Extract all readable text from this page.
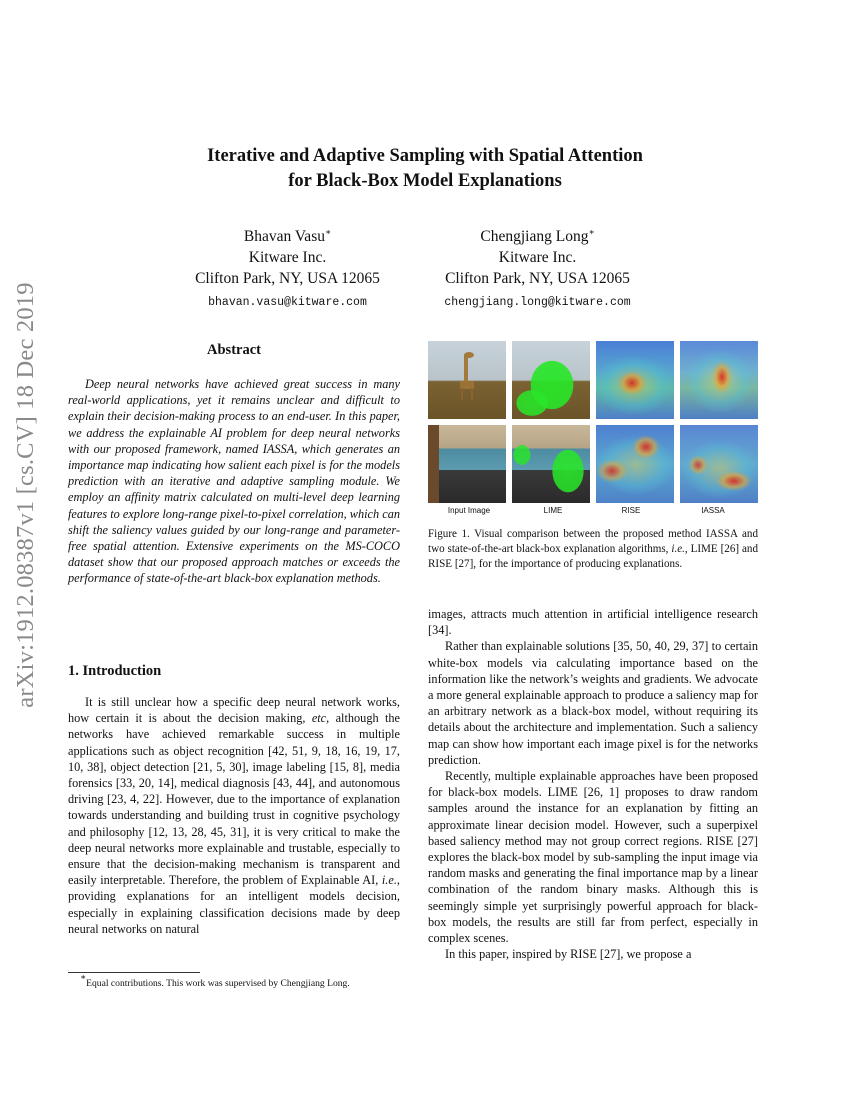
arXiv:1912.08387v1 [cs.CV] 18 Dec 2019
Iterative and Adaptive Sampling with Spatial Attention
for Black-Box Model Explanations
Bhavan Vasu∗
Kitware Inc.
Clifton Park, NY, USA 12065
bhavan.vasu@kitware.com
Chengjiang Long∗
Kitware Inc.
Clifton Park, NY, USA 12065
chengjiang.long@kitware.com
Abstract
Deep neural networks have achieved great success in many real-world applications, yet it remains unclear and difficult to explain their decision-making process to an end-user. In this paper, we address the explainable AI problem for deep neural networks with our proposed framework, named IASSA, which generates an importance map indicating how salient each pixel is for the models prediction with an iterative and adaptive sampling module. We employ an affinity matrix calculated on multi-level deep learning features to explore long-range pixel-to-pixel correlation, which can shift the saliency values guided by our long-range and parameter-free spatial attention. Extensive experiments on the MS-COCO dataset show that our proposed approach matches or exceeds the performance of state-of-the-art black-box explanation methods.
1. Introduction

It is still unclear how a specific deep neural network works, how certain it is about the decision making, etc, although the networks have achieved remarkable success in multiple applications such as object recognition [42, 51, 9, 18, 16, 19, 17, 10, 38], object detection [21, 5, 30], image labeling [15, 8], media forensics [33, 20, 14], medical diagnosis [43, 44], and autonomous driving [23, 4, 22]. However, due to the importance of explanation towards understanding and building trust in cognitive psychology and philosophy [12, 13, 28, 45, 31], it is very critical to make the deep neural networks more explainable and trustable, especially to ensure that the decision-making mechanism is transparent and easily interpretable. Therefore, the problem of Explainable AI, i.e., providing explanations for an intelligent models decision, especially in explaining classification decisions made by deep neural networks on natural

∗Equal contributions. This work was supervised by Chengjiang Long.
Input Image	LIME	RISE	IASSA
Figure 1. Visual comparison between the proposed method IASSA and two state-of-the-art black-box explanation algorithms, i.e., LIME [26] and RISE [27], for the importance of producing explanations.

images, attracts much attention in artificial intelligence research [34].

Rather than explainable solutions [35, 50, 40, 29, 37] to certain white-box models via calculating importance based on the information like the network’s weights and gradients. We advocate a more general explainable approach to produce a saliency map for an arbitrary network as a black-box model, without requiring its details about the architecture and implementation. Such a saliency map can show how important each image pixel is for the networks prediction.

Recently, multiple explainable approaches have been proposed for black-box models. LIME [26, 1] proposes to draw random samples around the instance for an explanation by fitting an approximate linear decision model. However, such a superpixel based saliency method may not group correct regions. RISE [27] explores the black-box model by sub-sampling the input image via random masks and generating the final importance map by a linear combination of the random binary masks. Although this is seemingly simple yet surprisingly powerful approach for black-box models, the results are still far from perfect, especially in complex scenes.

In this paper, inspired by RISE [27], we propose a
